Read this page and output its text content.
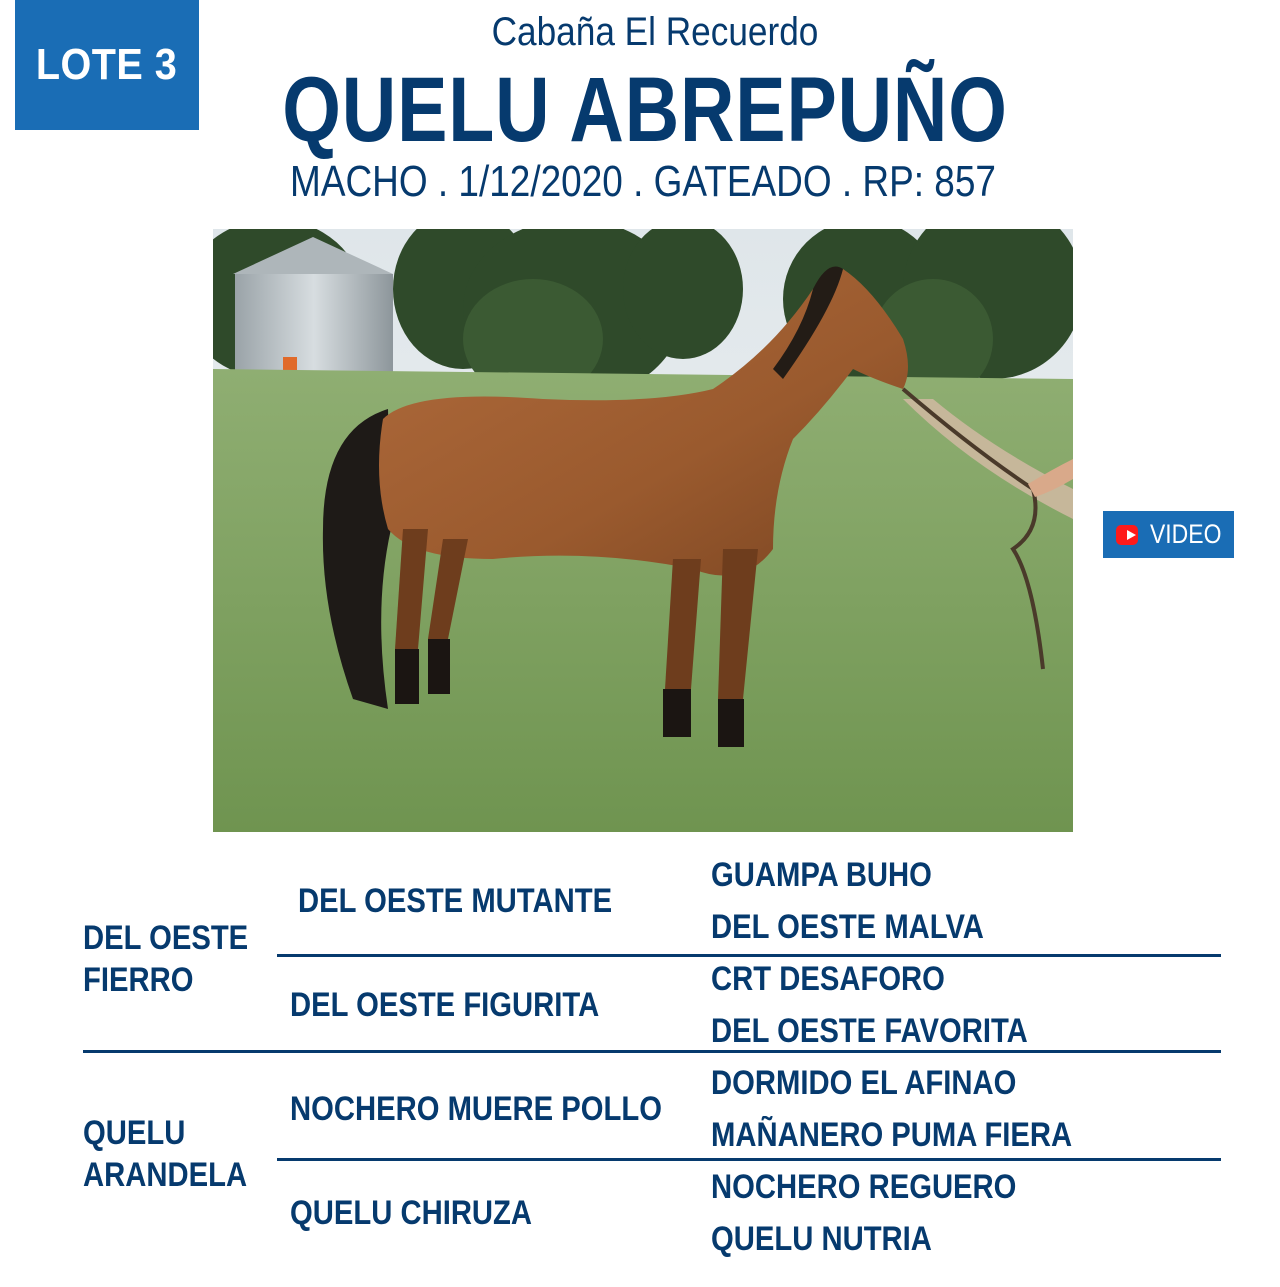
LOTE 3
Cabaña El Recuerdo
QUELU ABREPUÑO
MACHO . 1/12/2020 . GATEADO . RP: 857
VIDEO
DEL OESTE
FIERRO
QUELU
ARANDELA
DEL OESTE MUTANTE
DEL OESTE FIGURITA
NOCHERO MUERE POLLO
QUELU CHIRUZA
GUAMPA BUHO
DEL OESTE MALVA
CRT DESAFORO
DEL OESTE FAVORITA
DORMIDO EL AFINAO
MAÑANERO PUMA FIERA
NOCHERO REGUERO
QUELU NUTRIA
